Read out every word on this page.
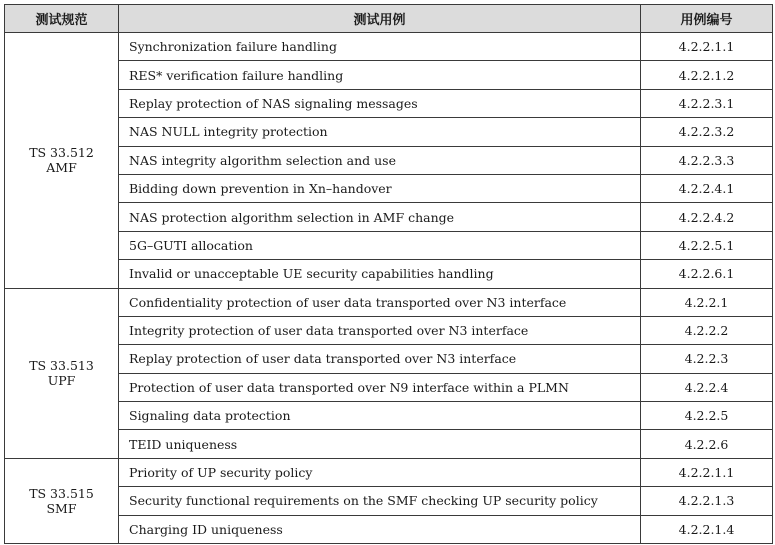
测试规范	测试用例	用例编号
TS 33.512 AMF	Synchronization failure handling	4.2.2.1.1
	RES* verification failure handling	4.2.2.1.2
	Replay protection of NAS signaling messages	4.2.2.3.1
	NAS NULL integrity protection	4.2.2.3.2
	NAS integrity algorithm selection and use	4.2.2.3.3
	Bidding down prevention in Xn–handover	4.2.2.4.1
	NAS protection algorithm selection in AMF change	4.2.2.4.2
	5G–GUTI allocation	4.2.2.5.1
	Invalid or unacceptable UE security capabilities handling	4.2.2.6.1
TS 33.513 UPF	Confidentiality protection of user data transported over N3 interface	4.2.2.1
	Integrity protection of user data transported over N3 interface	4.2.2.2
	Replay protection of user data transported over N3 interface	4.2.2.3
	Protection of user data transported over N9 interface within a PLMN	4.2.2.4
	Signaling data protection	4.2.2.5
	TEID uniqueness	4.2.2.6
TS 33.515 SMF	Priority of UP security policy	4.2.2.1.1
	Security functional requirements on the SMF checking UP security policy	4.2.2.1.3
	Charging ID uniqueness	4.2.2.1.4
